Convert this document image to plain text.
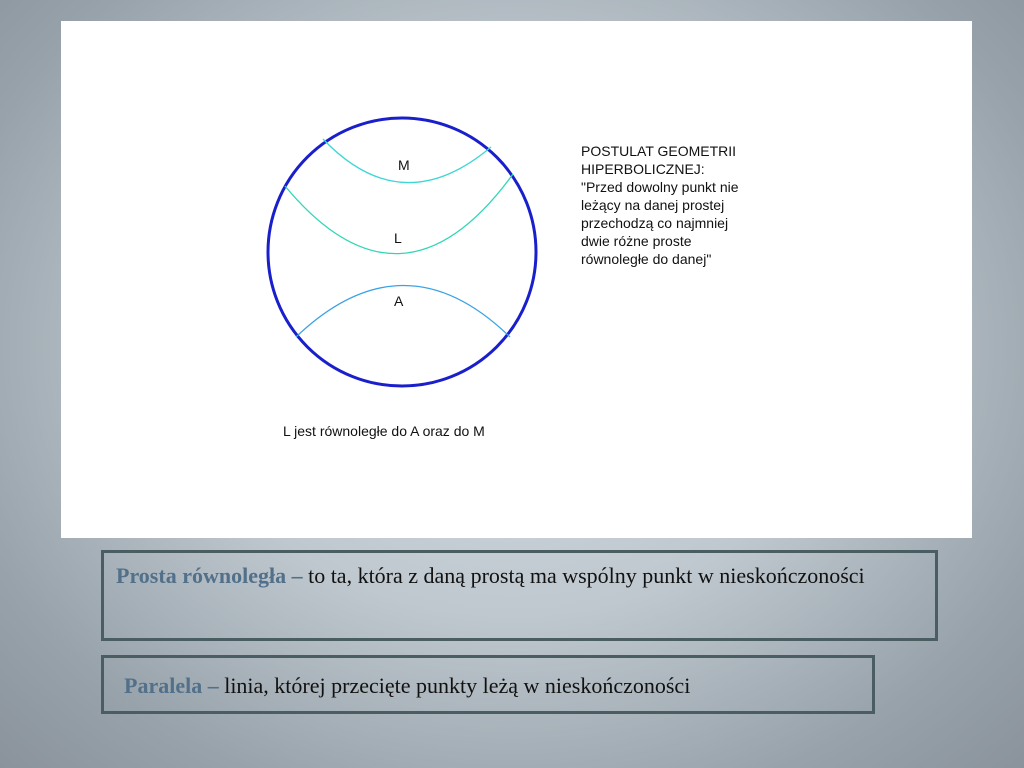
M
L
A
POSTULAT GEOMETRII
HIPERBOLICZNEJ:
"Przed dowolny punkt nie
leżący na danej prostej
przechodzą co najmniej
dwie różne proste
równoległe do danej"
L jest równoległe do A oraz do M
Prosta równoległa – to ta, która z daną prostą ma wspólny punkt w nieskończoności
Paralela – linia, której przecięte punkty leżą w nieskończoności
